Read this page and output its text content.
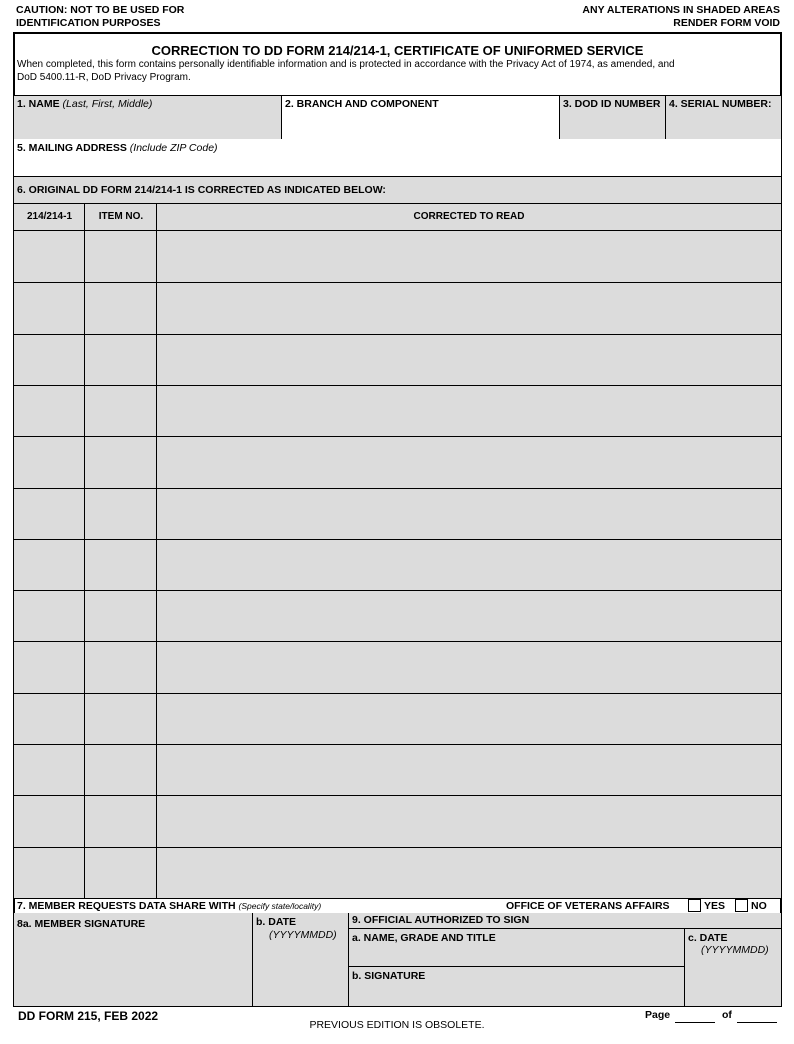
CAUTION: NOT TO BE USED FOR
IDENTIFICATION PURPOSES
ANY ALTERATIONS IN SHADED AREAS
RENDER FORM VOID
CORRECTION TO DD FORM 214/214-1, CERTIFICATE OF UNIFORMED SERVICE
When completed, this form contains personally identifiable information and is protected in accordance with the Privacy Act of 1974, as amended, and
DoD 5400.11-R, DoD Privacy Program.
1. NAME (Last, First, Middle)	2. BRANCH AND COMPONENT	3. DOD ID NUMBER 4. SERIAL NUMBER:
5. MAILING ADDRESS (Include ZIP Code)
6. ORIGINAL DD FORM 214/214-1 IS CORRECTED AS INDICATED BELOW:
214/214-1	ITEM NO.	CORRECTED TO READ
7. MEMBER REQUESTS DATA SHARE WITH (Specify state/locality)	OFFICE OF VETERANS AFFAIRS	YES NO
8a. MEMBER SIGNATURE	b. DATE
(YYYYMMDD)
9. OFFICIAL AUTHORIZED TO SIGN
a. NAME, GRADE AND TITLE
b. SIGNATURE
c. DATE
(YYYYMMDD)
DD FORM 215, FEB 2022
PREVIOUS EDITION IS OBSOLETE.
Page	of
